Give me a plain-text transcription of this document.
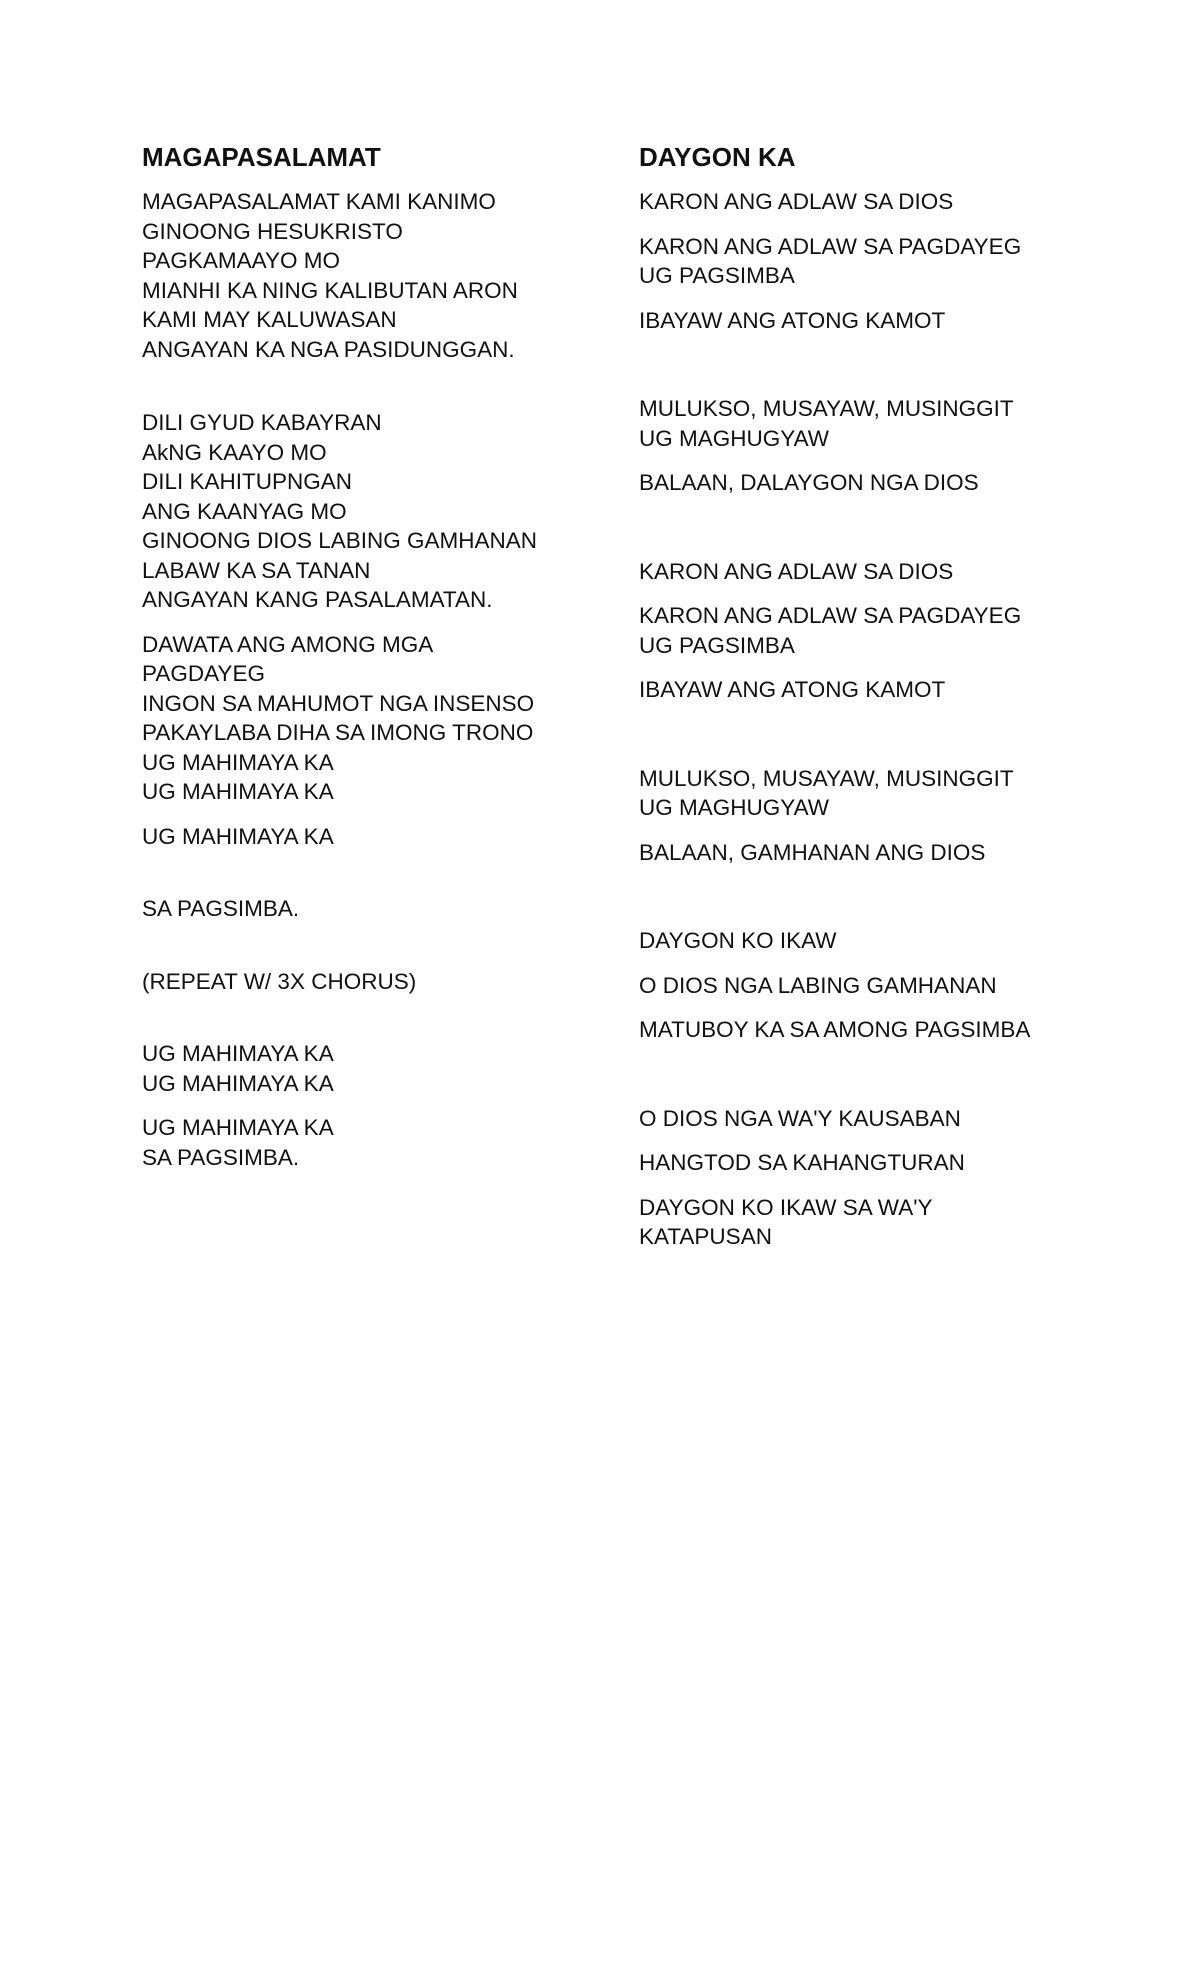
MAGAPASALAMAT
MAGAPASALAMAT KAMI KANIMO
GINOONG HESUKRISTO
PAGKAMAAYO MO
MIANHI KA NING KALIBUTAN ARON
KAMI MAY KALUWASAN
ANGAYAN KA NGA PASIDUNGGAN.
DILI GYUD KABAYRAN
AkNG KAAYO MO
DILI KAHITUPNGAN
ANG KAANYAG MO
GINOONG DIOS LABING GAMHANAN
LABAW KA SA TANAN
ANGAYAN KANG PASALAMATAN.
DAWATA ANG AMONG MGA
PAGDAYEG
INGON SA MAHUMOT NGA INSENSO
PAKAYLABA DIHA SA IMONG TRONO
UG MAHIMAYA KA
UG MAHIMAYA KA
UG MAHIMAYA KA
SA PAGSIMBA.
(REPEAT W/ 3X CHORUS)
UG MAHIMAYA KA
UG MAHIMAYA KA
UG MAHIMAYA KA
SA PAGSIMBA.
DAYGON KA
KARON ANG ADLAW SA DIOS
KARON ANG ADLAW SA PAGDAYEG
UG PAGSIMBA
IBAYAW ANG ATONG KAMOT
MULUKSO, MUSAYAW, MUSINGGIT
UG MAGHUGYAW
BALAAN, DALAYGON NGA DIOS
KARON ANG ADLAW SA DIOS
KARON ANG ADLAW SA PAGDAYEG
UG PAGSIMBA
IBAYAW ANG ATONG KAMOT
MULUKSO, MUSAYAW, MUSINGGIT
UG MAGHUGYAW
BALAAN, GAMHANAN ANG DIOS
DAYGON KO IKAW
O DIOS NGA LABING GAMHANAN
MATUBOY KA SA AMONG PAGSIMBA
O DIOS NGA WA'Y KAUSABAN
HANGTOD SA KAHANGTURAN
DAYGON KO IKAW SA WA'Y
KATAPUSAN
